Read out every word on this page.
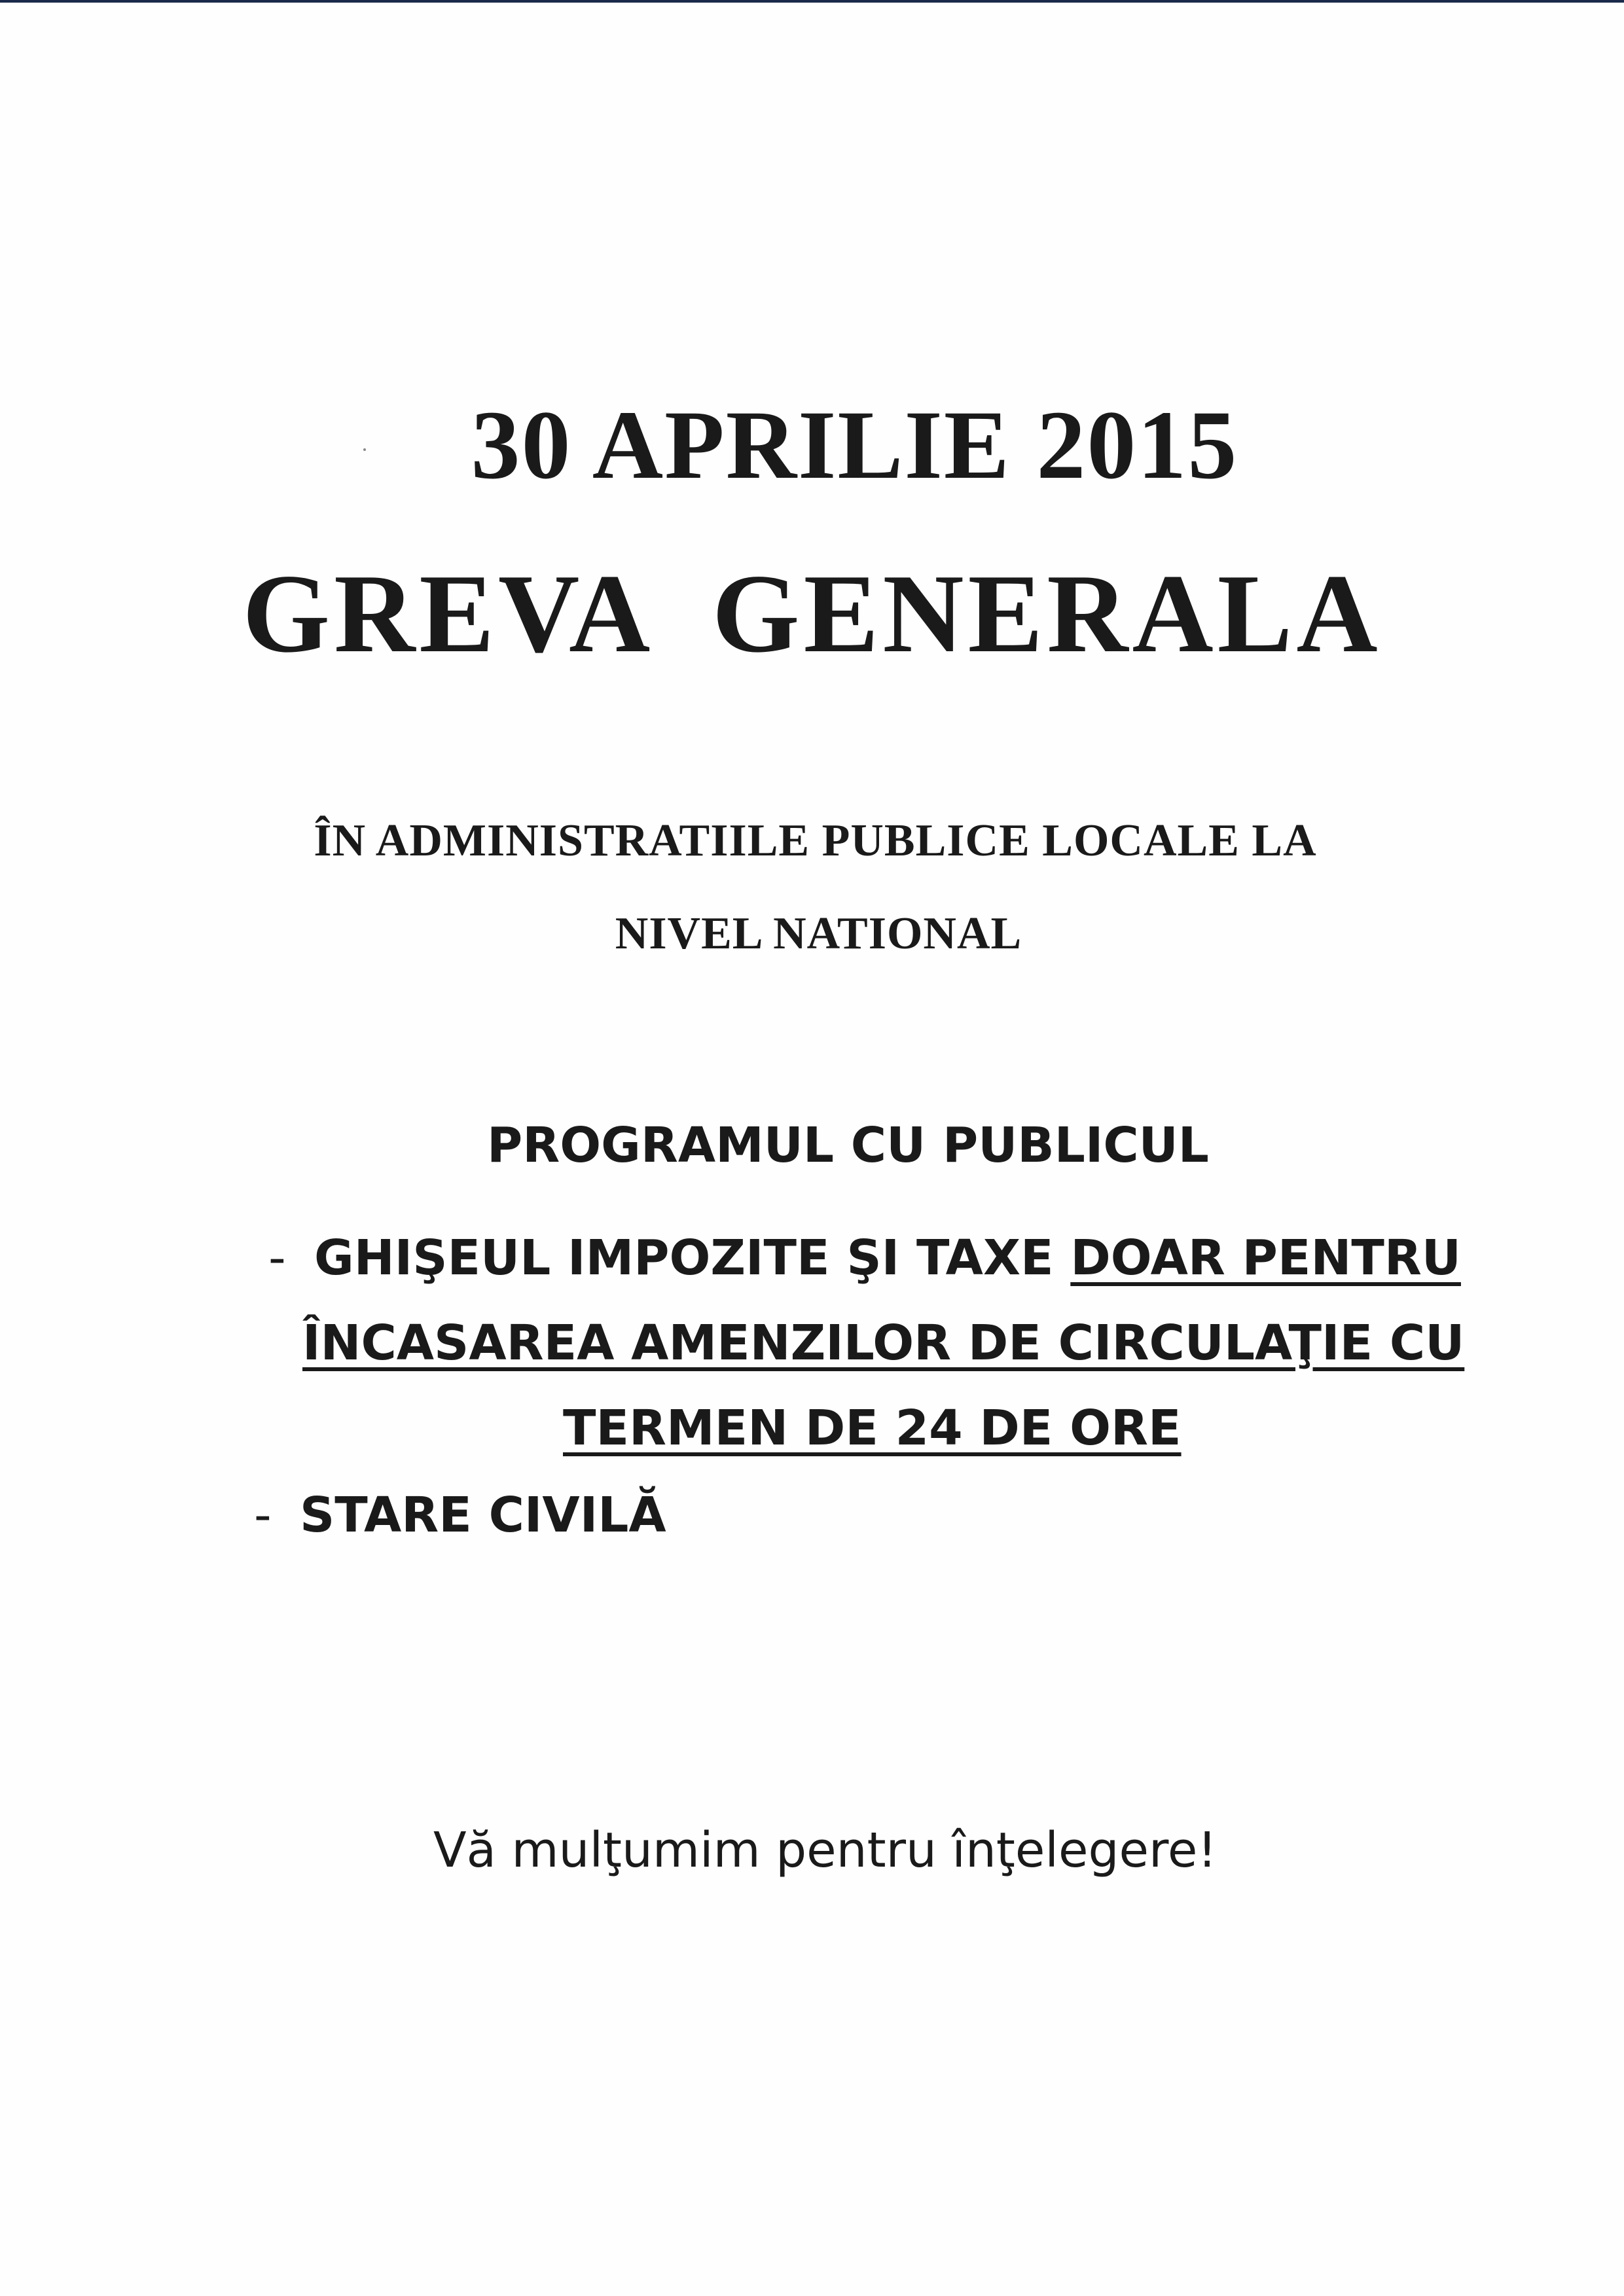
30 APRILIE 2015
GREVA  GENERALA
ÎN ADMINISTRATIILE PUBLICE LOCALE LA
NIVEL NATIONAL
PROGRAMUL CU PUBLICUL
- GHIŞEUL IMPOZITE ŞI TAXE DOAR PENTRU
ÎNCASAREA AMENZILOR DE CIRCULAŢIE CU
TERMEN DE 24 DE ORE
- STARE CIVILĂ
Vă mulţumim pentru înţelegere!
